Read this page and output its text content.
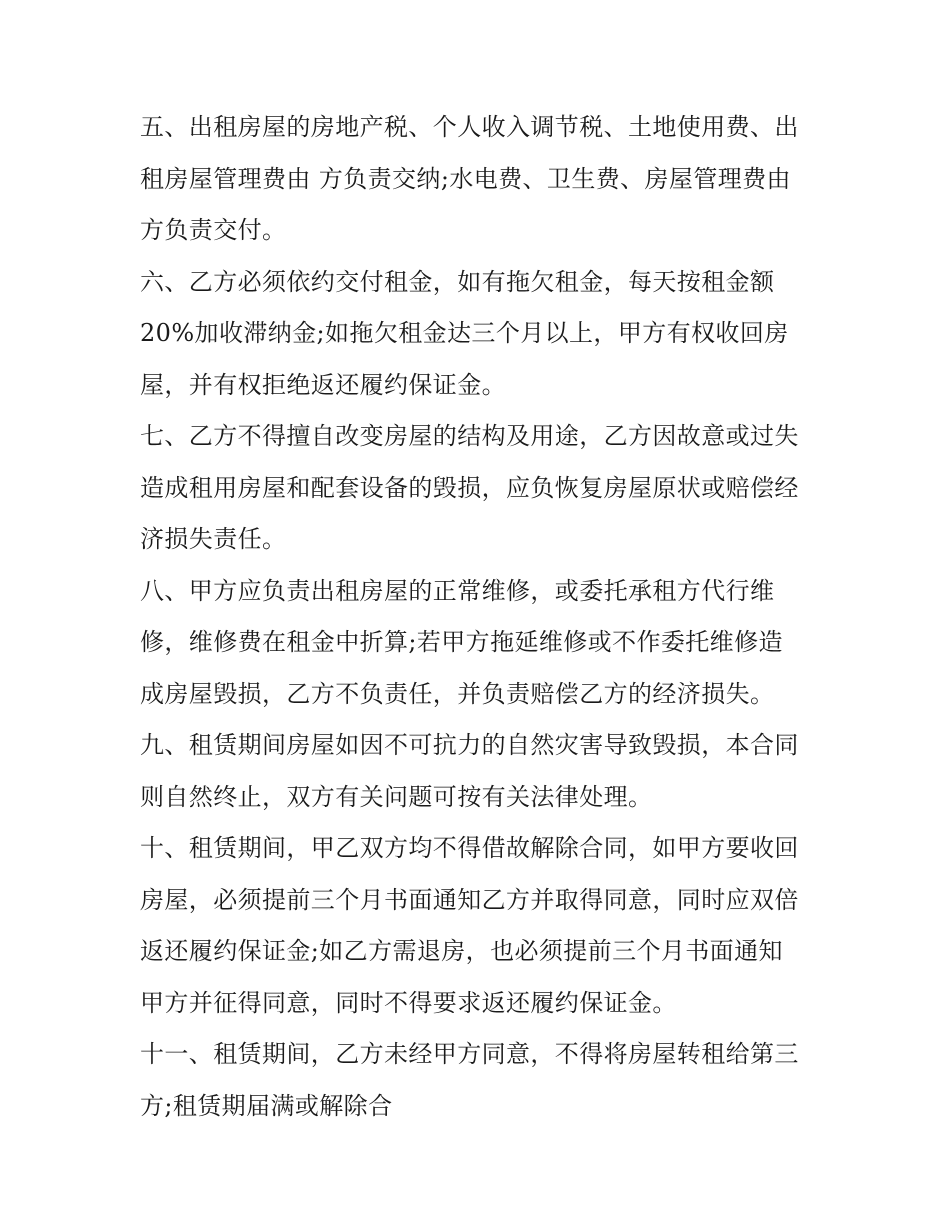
五、出租房屋的房地产税、个人收入调节税、土地使用费、出
租房屋管理费由 方负责交纳;水电费、卫生费、房屋管理费由
方负责交付。
六、乙方必须依约交付租金，如有拖欠租金，每天按租金额
20%加收滞纳金;如拖欠租金达三个月以上，甲方有权收回房
屋，并有权拒绝返还履约保证金。
七、乙方不得擅自改变房屋的结构及用途，乙方因故意或过失
造成租用房屋和配套设备的毁损，应负恢复房屋原状或赔偿经
济损失责任。
八、甲方应负责出租房屋的正常维修，或委托承租方代行维
修，维修费在租金中折算;若甲方拖延维修或不作委托维修造
成房屋毁损，乙方不负责任，并负责赔偿乙方的经济损失。
九、租赁期间房屋如因不可抗力的自然灾害导致毁损，本合同
则自然终止，双方有关问题可按有关法律处理。
十、租赁期间，甲乙双方均不得借故解除合同，如甲方要收回
房屋，必须提前三个月书面通知乙方并取得同意，同时应双倍
返还履约保证金;如乙方需退房，也必须提前三个月书面通知
甲方并征得同意，同时不得要求返还履约保证金。
十一、租赁期间，乙方未经甲方同意，不得将房屋转租给第三
方;租赁期届满或解除合
